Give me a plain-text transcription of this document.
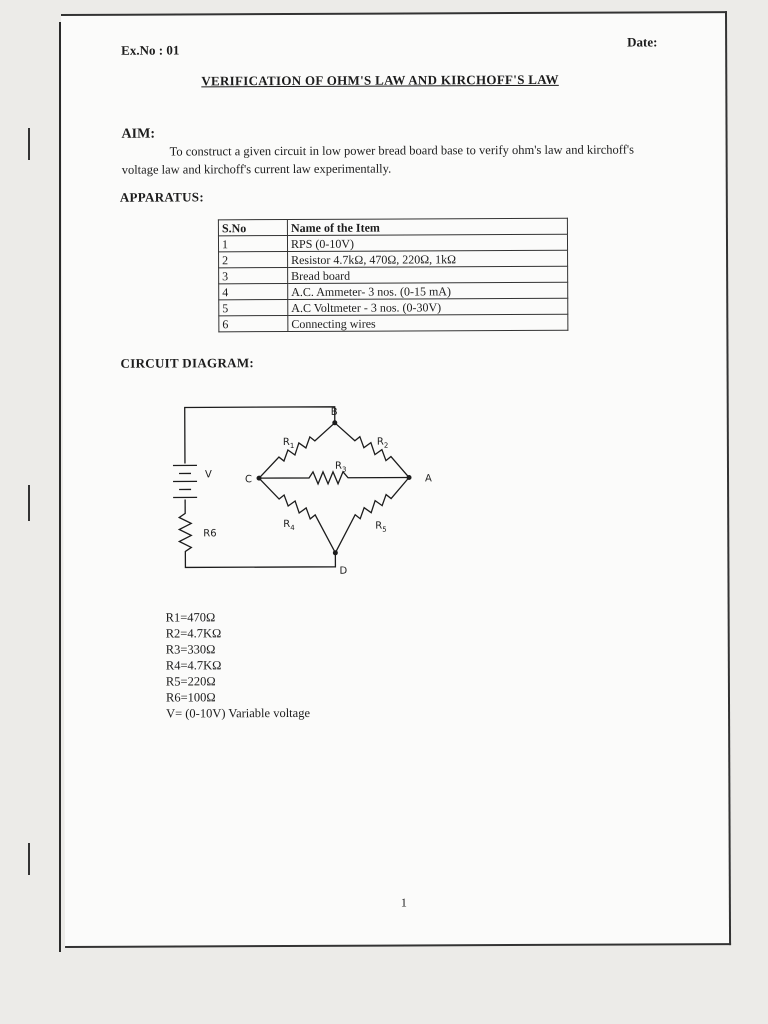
Ex.No : 01
Date:
VERIFICATION OF OHM'S LAW AND KIRCHOFF'S LAW
AIM:
To construct a given circuit in low power bread board base to verify ohm's law and kirchoff's voltage law and kirchoff's current law experimentally.
APPARATUS:
S.No	Name of the Item
1	RPS (0-10V)
2	Resistor 4.7kΩ, 470Ω, 220Ω, 1kΩ
3	Bread board
4	A.C. Ammeter- 3 nos. (0-15 mA)
5	A.C Voltmeter - 3 nos. (0-30V)
6	Connecting wires
CIRCUIT DIAGRAM:
B
A
C
D
V
R6
$R_1$	$R_2$
$R_3$
$R_4$	$R_5$
R1=470Ω
R2=4.7KΩ
R3=330Ω
R4=4.7KΩ
R5=220Ω
R6=100Ω
V= (0-10V) Variable voltage
1
